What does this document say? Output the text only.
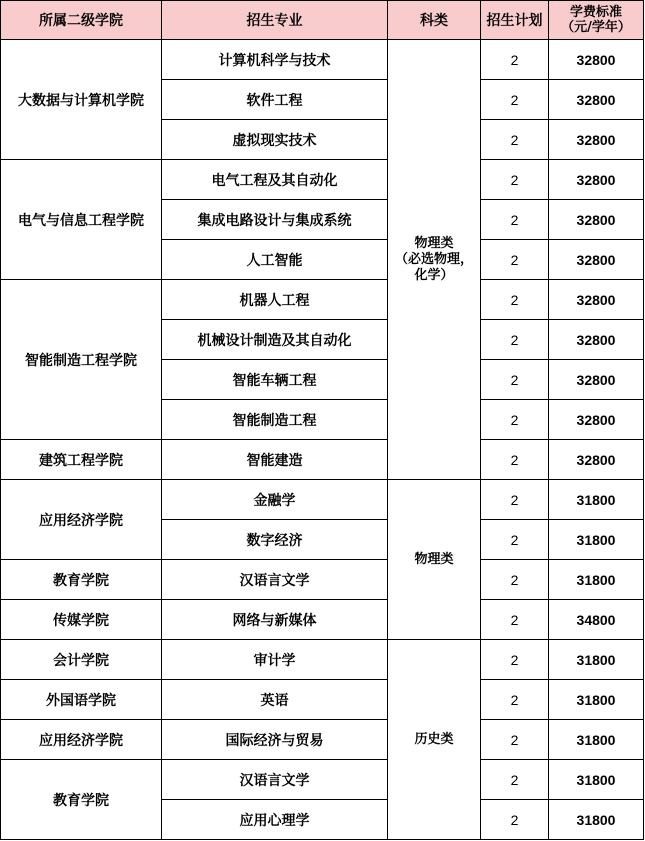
所属二级学院	招生专业	科类	招生计划	学费标准
（元/学年）

大数据与计算机学院	计算机科学与技术	物理类
（必选物理，
化学）	2	32800
	软件工程		2	32800
	虚拟现实技术		2	32800
电气与信息工程学院	电气工程及其自动化		2	32800
	集成电路设计与集成系统		2	32800
	人工智能		2	32800
智能制造工程学院	机器人工程		2	32800
	机械设计制造及其自动化		2	32800
	智能车辆工程		2	32800
	智能制造工程		2	32800
建筑工程学院	智能建造		2	32800
应用经济学院	金融学	物理类	2	31800
	数字经济		2	31800
教育学院	汉语言文学		2	31800
传媒学院	网络与新媒体		2	34800
会计学院	审计学	历史类	2	31800
外国语学院	英语		2	31800
应用经济学院	国际经济与贸易		2	31800
教育学院	汉语言文学		2	31800
	应用心理学		2	31800
